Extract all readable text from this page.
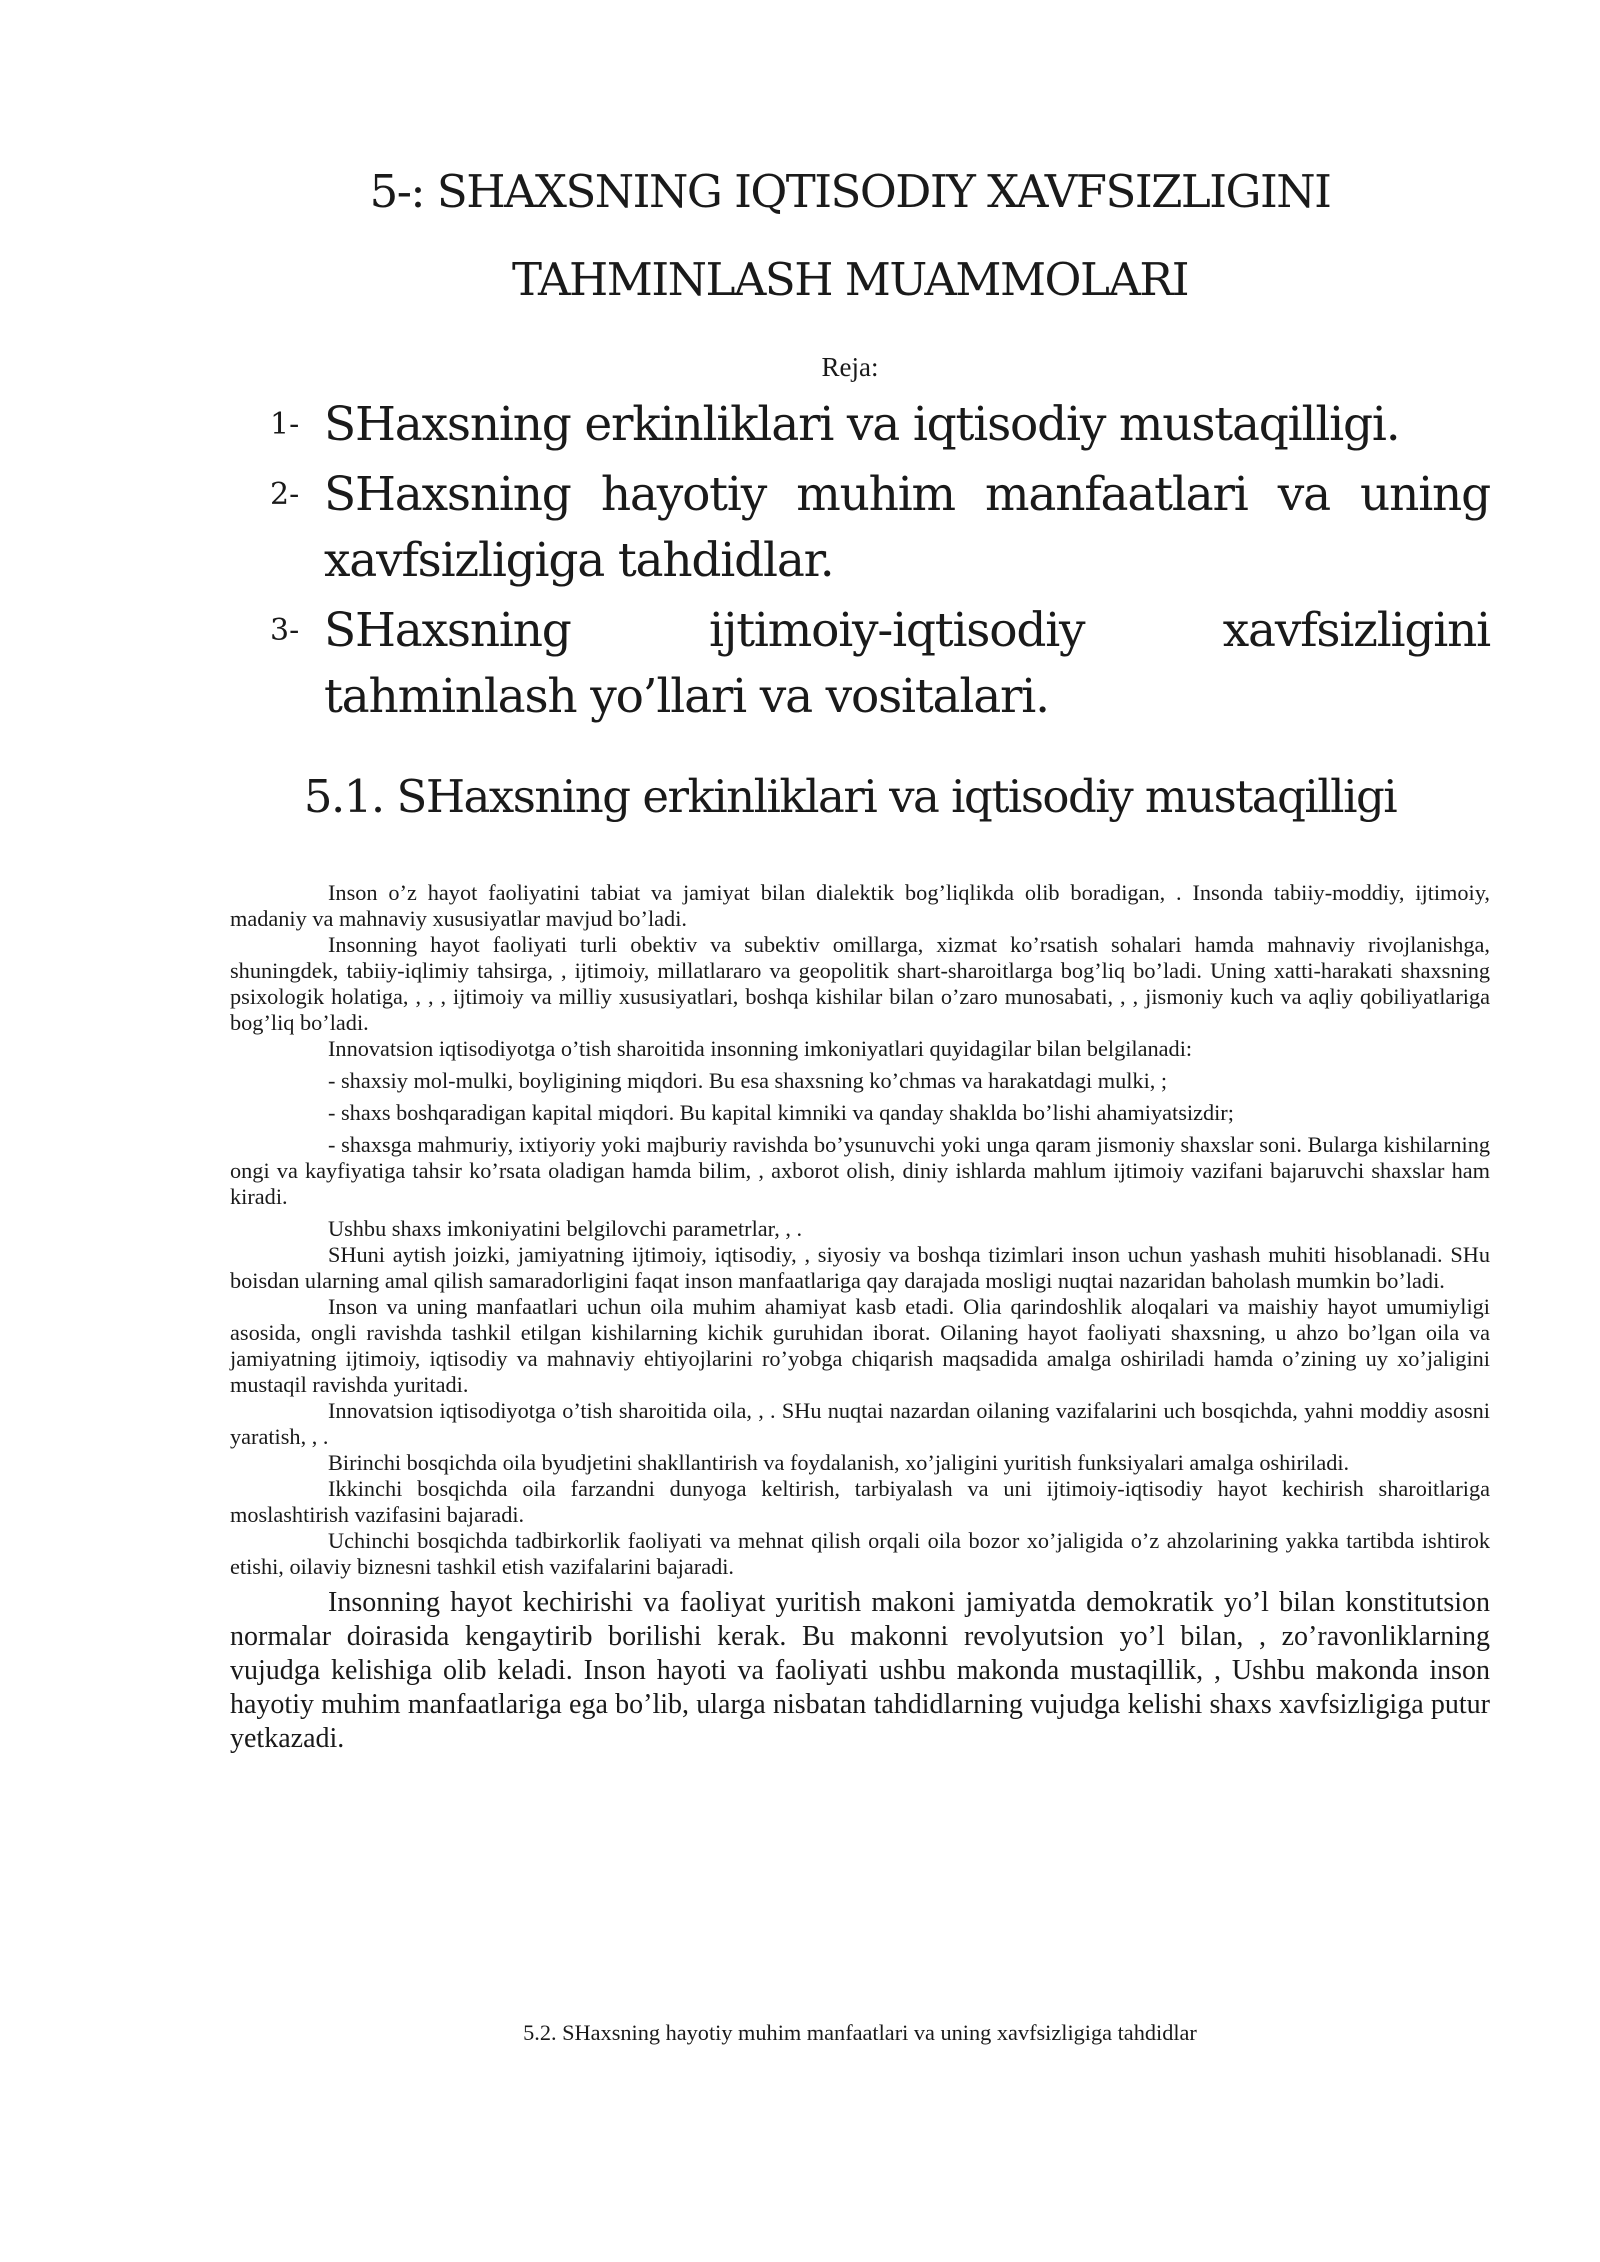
5-: SHAXSNING IQTISODIY XAVFSIZLIGINI
TAHMINLASH MUAMMOLARI

Reja:

1- SHaxsning erkinliklari va iqtisodiy mustaqilligi.
2- SHaxsning hayotiy muhim manfaatlari va uning xavfsizligiga tahdidlar.
3- SHaxsning	ijtimoiy-iqtisodiy	xavfsizligini
tahminlash yo’llari va vositalari.
5.1. SHaxsning erkinliklari va iqtisodiy mustaqilligi

Inson o’z hayot faoliyatini tabiat va jamiyat bilan dialektik bog’liqlikda olib boradigan, . Insonda tabiiy-moddiy, ijtimoiy, madaniy va mahnaviy xususiyatlar mavjud bo’ladi.

Insonning hayot faoliyati turli obektiv va subektiv omillarga, xizmat ko’rsatish sohalari hamda mahnaviy rivojlanishga, shuningdek, tabiiy-iqlimiy tahsirga, , ijtimoiy, millatlararo va geopolitik shart-sharoitlarga bog’liq bo’ladi. Uning xatti-harakati shaxsning psixologik holatiga, , , , ijtimoiy va milliy xususiyatlari, boshqa kishilar bilan o’zaro munosabati, , , jismoniy kuch va aqliy qobiliyatlariga bog’liq bo’ladi.

Innovatsion iqtisodiyotga o’tish sharoitida insonning imkoniyatlari quyidagilar bilan belgilanadi:

- shaxsiy mol-mulki, boyligining miqdori. Bu esa shaxsning ko’chmas va harakatdagi mulki, ;

- shaxs boshqaradigan kapital miqdori. Bu kapital kimniki va qanday shaklda bo’lishi ahamiyatsizdir;

- shaxsga mahmuriy, ixtiyoriy yoki majburiy ravishda bo’ysunuvchi yoki unga qaram jismoniy shaxslar soni. Bularga kishilarning ongi va kayfiyatiga tahsir ko’rsata oladigan hamda bilim, , axborot olish, diniy ishlarda mahlum ijtimoiy vazifani bajaruvchi shaxslar ham kiradi.

Ushbu shaxs imkoniyatini belgilovchi parametrlar, , .

SHuni aytish joizki, jamiyatning ijtimoiy, iqtisodiy, , siyosiy va boshqa tizimlari inson uchun yashash muhiti hisoblanadi. SHu boisdan ularning amal qilish samaradorligini faqat inson manfaatlariga qay darajada mosligi nuqtai nazaridan baholash mumkin bo’ladi.

Inson va uning manfaatlari uchun oila muhim ahamiyat kasb etadi. Olia qarindoshlik aloqalari va maishiy hayot umumiyligi asosida, ongli ravishda tashkil etilgan kishilarning kichik guruhidan iborat. Oilaning hayot faoliyati shaxsning, u ahzo bo’lgan oila va jamiyatning ijtimoiy, iqtisodiy va mahnaviy ehtiyojlarini ro’yobga chiqarish maqsadida amalga oshiriladi hamda o’zining uy xo’jaligini mustaqil ravishda yuritadi.

Innovatsion iqtisodiyotga o’tish sharoitida oila, , . SHu nuqtai nazardan oilaning vazifalarini uch bosqichda, yahni moddiy asosni yaratish, , .

Birinchi bosqichda oila byudjetini shakllantirish va foydalanish, xo’jaligini yuritish funksiyalari amalga oshiriladi.

Ikkinchi bosqichda oila farzandni dunyoga keltirish, tarbiyalash va uni ijtimoiy-iqtisodiy hayot kechirish sharoitlariga moslashtirish vazifasini bajaradi.

Uchinchi bosqichda tadbirkorlik faoliyati va mehnat qilish orqali oila bozor xo’jaligida o’z ahzolarining yakka tartibda ishtirok etishi, oilaviy biznesni tashkil etish vazifalarini bajaradi.

Insonning hayot kechirishi va faoliyat yuritish makoni jamiyatda demokratik yo’l bilan konstitutsion normalar doirasida kengaytirib borilishi kerak. Bu makonni revolyutsion yo’l bilan, , zo’ravonliklarning vujudga kelishiga olib keladi. Inson hayoti va faoliyati ushbu makonda mustaqillik, , Ushbu makonda inson hayotiy muhim manfaatlariga ega bo’lib, ularga nisbatan tahdidlarning vujudga kelishi shaxs xavfsizligiga putur yetkazadi.

5.2. SHaxsning hayotiy muhim manfaatlari va uning xavfsizligiga tahdidlar
